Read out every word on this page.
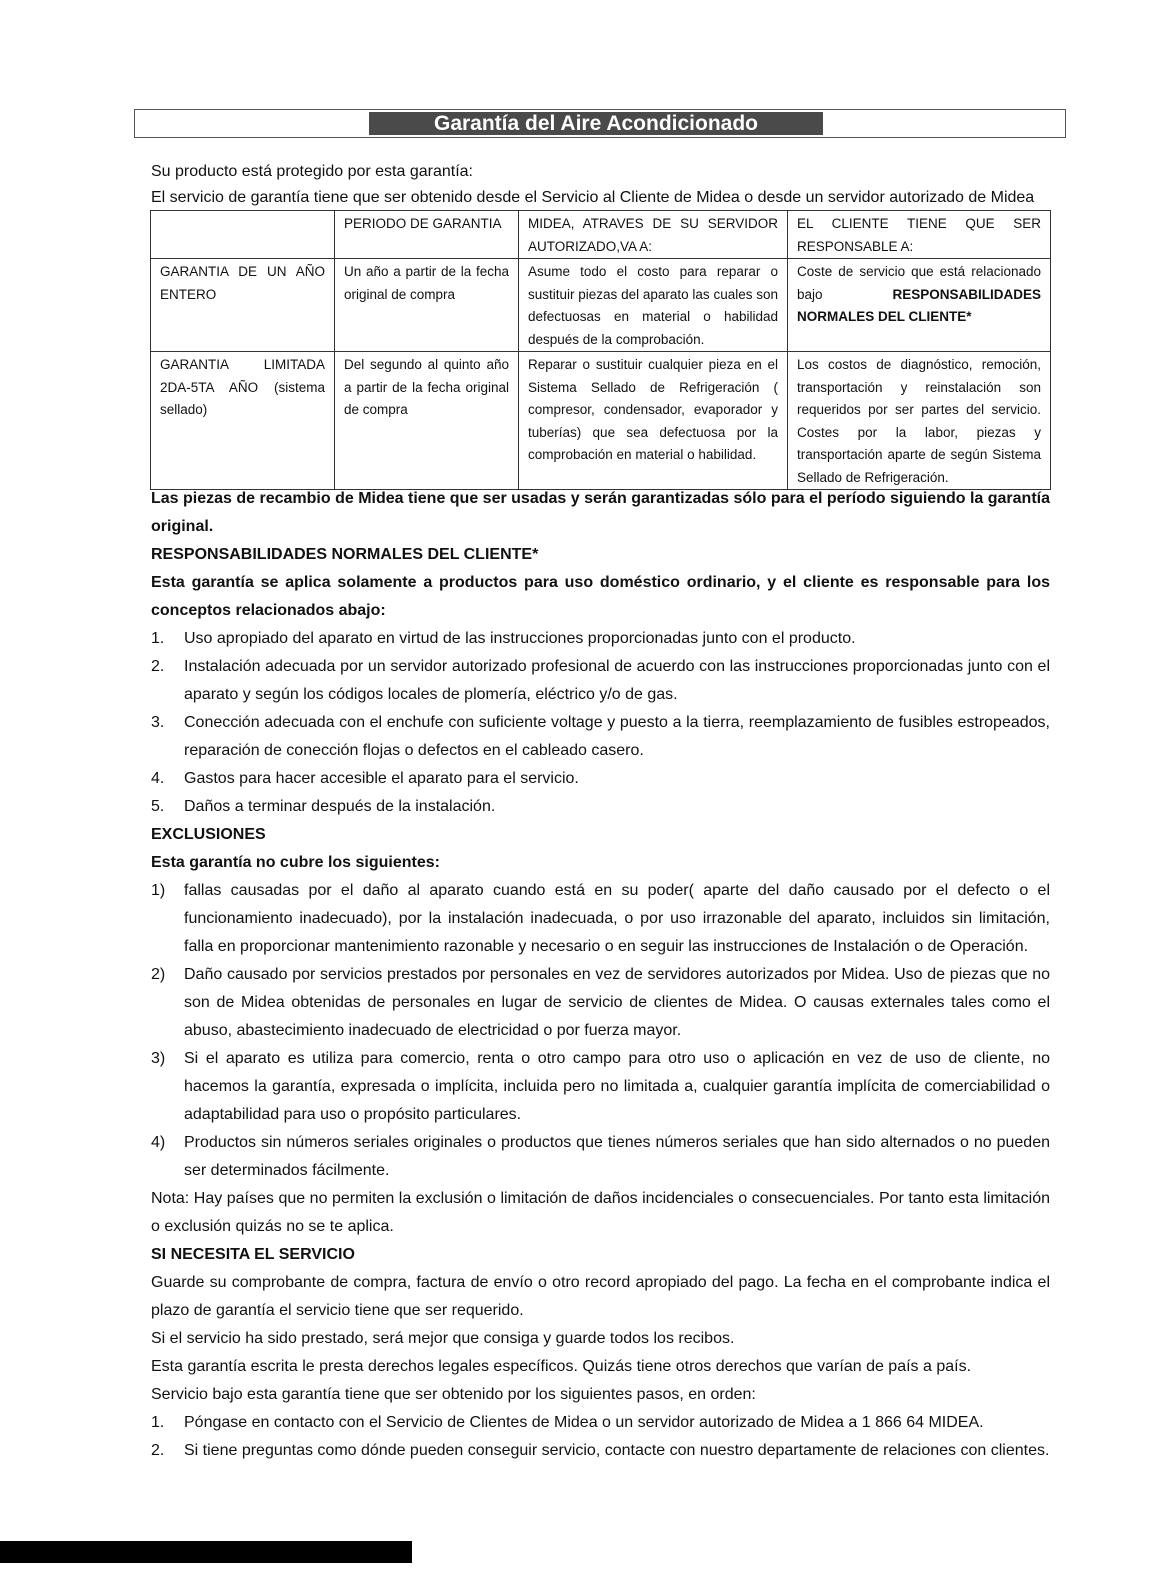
Garantía del Aire Acondicionado
Su producto está protegido por esta garantía:
El servicio de garantía tiene que ser obtenido desde el Servicio al Cliente de Midea o desde un servidor autorizado de Midea
	PERIODO DE GARANTIA	MIDEA, ATRAVES DE SU SERVIDOR AUTORIZADO,VA A:	EL CLIENTE TIENE QUE SER RESPONSABLE A:
GARANTIA DE UN AÑO ENTERO	Un año a partir de la fecha original de compra	Asume todo el costo para reparar o sustituir piezas del aparato las cuales son defectuosas en material o habilidad después de la comprobación.	Coste de servicio que está relacionado bajo RESPONSABILIDADES NORMALES DEL CLIENTE*
GARANTIA LIMITADA 2DA-5TA AÑO (sistema sellado)	Del segundo al quinto año a partir de la fecha original de compra	Reparar o sustituir cualquier pieza en el Sistema Sellado de Refrigeración ( compresor, condensador, evaporador y tuberías) que sea defectuosa por la comprobación en material o habilidad.	Los costos de diagnóstico, remoción, transportación y reinstalación son requeridos por ser partes del servicio. Costes por la labor, piezas y transportación aparte de según Sistema Sellado de Refrigeración.

Las piezas de recambio de Midea tiene que ser usadas y serán garantizadas sólo para el período siguiendo la garantía original.

RESPONSABILIDADES NORMALES DEL CLIENTE*

Esta garantía se aplica solamente a productos para uso doméstico ordinario, y el cliente es responsable para los conceptos relacionados abajo:

1.	Uso apropiado del aparato en virtud de las instrucciones proporcionadas junto con el producto.
2.	Instalación adecuada por un servidor autorizado profesional de acuerdo con las instrucciones proporcionadas junto con el aparato y según los códigos locales de plomería, eléctrico y/o de gas.
3.	Conección adecuada con el enchufe con suficiente voltage y puesto a la tierra, reemplazamiento de fusibles estropeados, reparación de conección flojas o defectos en el cableado casero.
4.	Gastos para hacer accesible el aparato para el servicio.
5.	Daños a terminar después de la instalación.

EXCLUSIONES

Esta garantía no cubre los siguientes:

1)	fallas causadas por el daño al aparato cuando está en su poder( aparte del daño causado por el defecto o el funcionamiento inadecuado), por la instalación inadecuada, o por uso irrazonable del aparato, incluidos sin limitación, falla en proporcionar mantenimiento razonable y necesario o en seguir las instrucciones de Instalación o de Operación.
2)	Daño causado por servicios prestados por personales en vez de servidores autorizados por Midea. Uso de piezas que no son de Midea obtenidas de personales en lugar de servicio de clientes de Midea. O causas externales tales como el abuso, abastecimiento inadecuado de electricidad o por fuerza mayor.
3)	Si el aparato es utiliza para comercio, renta o otro campo para otro uso o aplicación en vez de uso de cliente, no hacemos la garantía, expresada o implícita, incluida pero no limitada a, cualquier garantía implícita de comerciabilidad o adaptabilidad para uso o propósito particulares.
4)	Productos sin números seriales originales o productos que tienes números seriales que han sido alternados o no pueden ser determinados fácilmente.

Nota: Hay países que no permiten la exclusión o limitación de daños incidenciales o consecuenciales. Por tanto esta limitación o exclusión quizás no se te aplica.

SI NECESITA EL SERVICIO

Guarde su comprobante de compra, factura de envío o otro record apropiado del pago. La fecha en el comprobante indica el plazo de garantía el servicio tiene que ser requerido.

Si el servicio ha sido prestado, será mejor que consiga y guarde todos los recibos.

Esta garantía escrita le presta derechos legales específicos. Quizás tiene otros derechos que varían de país a país.

Servicio bajo esta garantía tiene que ser obtenido por los siguientes pasos, en orden:

1.	Póngase en contacto con el Servicio de Clientes de Midea o un servidor autorizado de Midea a 1 866 64 MIDEA.
2.	Si tiene preguntas como dónde pueden conseguir servicio, contacte con nuestro departamente de relaciones con clientes.
